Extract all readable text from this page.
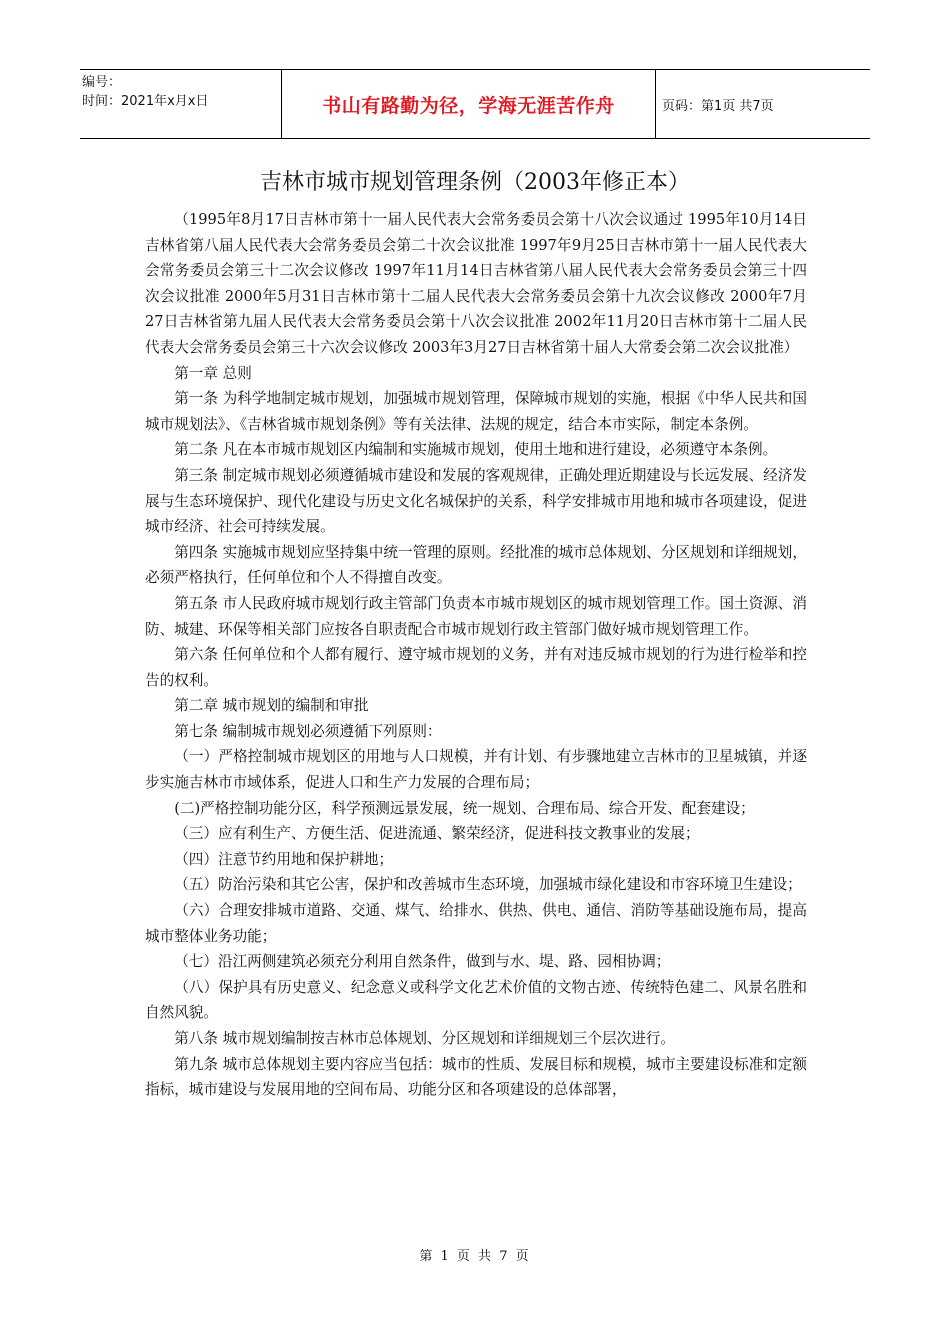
编号：
时间：2021年x月x日	书山有路勤为径，学海无涯苦作舟	页码：第1页 共7页
吉林市城市规划管理条例（2003年修正本）

（1995年8月17日吉林市第十一届人民代表大会常务委员会第十八次会议通过 1995年10月14日吉林省第八届人民代表大会常务委员会第二十次会议批准 1997年9月25日吉林市第十一届人民代表大会常务委员会第三十二次会议修改 1997年11月14日吉林省第八届人民代表大会常务委员会第三十四次会议批准 2000年5月31日吉林市第十二届人民代表大会常务委员会第十九次会议修改 2000年7月27日吉林省第九届人民代表大会常务委员会第十八次会议批准 2002年11月20日吉林市第十二届人民代表大会常务委员会第三十六次会议修改 2003年3月27日吉林省第十届人大常委会第二次会议批准）

第一章 总则

第一条 为科学地制定城市规划，加强城市规划管理，保障城市规划的实施，根据《中华人民共和国城市规划法》、《吉林省城市规划条例》等有关法律、法规的规定，结合本市实际，制定本条例。

第二条 凡在本市城市规划区内编制和实施城市规划，使用土地和进行建设，必须遵守本条例。

第三条 制定城市规划必须遵循城市建设和发展的客观规律，正确处理近期建设与长远发展、经济发展与生态环境保护、现代化建设与历史文化名城保护的关系，科学安排城市用地和城市各项建设，促进城市经济、社会可持续发展。

第四条 实施城市规划应坚持集中统一管理的原则。经批准的城市总体规划、分区规划和详细规划，必须严格执行，任何单位和个人不得擅自改变。

第五条 市人民政府城市规划行政主管部门负责本市城市规划区的城市规划管理工作。国土资源、消防、城建、环保等相关部门应按各自职责配合市城市规划行政主管部门做好城市规划管理工作。

第六条 任何单位和个人都有履行、遵守城市规划的义务，并有对违反城市规划的行为进行检举和控告的权利。

第二章 城市规划的编制和审批

第七条 编制城市规划必须遵循下列原则：

（一）严格控制城市规划区的用地与人口规模，并有计划、有步骤地建立吉林市的卫星城镇，并逐步实施吉林市市域体系，促进人口和生产力发展的合理布局；

(二)严格控制功能分区，科学预测远景发展，统一规划、合理布局、综合开发、配套建设；

（三）应有利生产、方便生活、促进流通、繁荣经济，促进科技文教事业的发展；

（四）注意节约用地和保护耕地；

（五）防治污染和其它公害，保护和改善城市生态环境，加强城市绿化建设和市容环境卫生建设；

（六）合理安排城市道路、交通、煤气、给排水、供热、供电、通信、消防等基础设施布局，提高城市整体业务功能；

（七）沿江两侧建筑必须充分利用自然条件，做到与水、堤、路、园相协调；

（八）保护具有历史意义、纪念意义或科学文化艺术价值的文物古迹、传统特色建二、风景名胜和自然风貌。

第八条 城市规划编制按吉林市总体规划、分区规划和详细规划三个层次进行。

第九条 城市总体规划主要内容应当包括：城市的性质、发展目标和规模，城市主要建设标准和定额指标，城市建设与发展用地的空间布局、功能分区和各项建设的总体部署，

第 1 页 共 7 页
